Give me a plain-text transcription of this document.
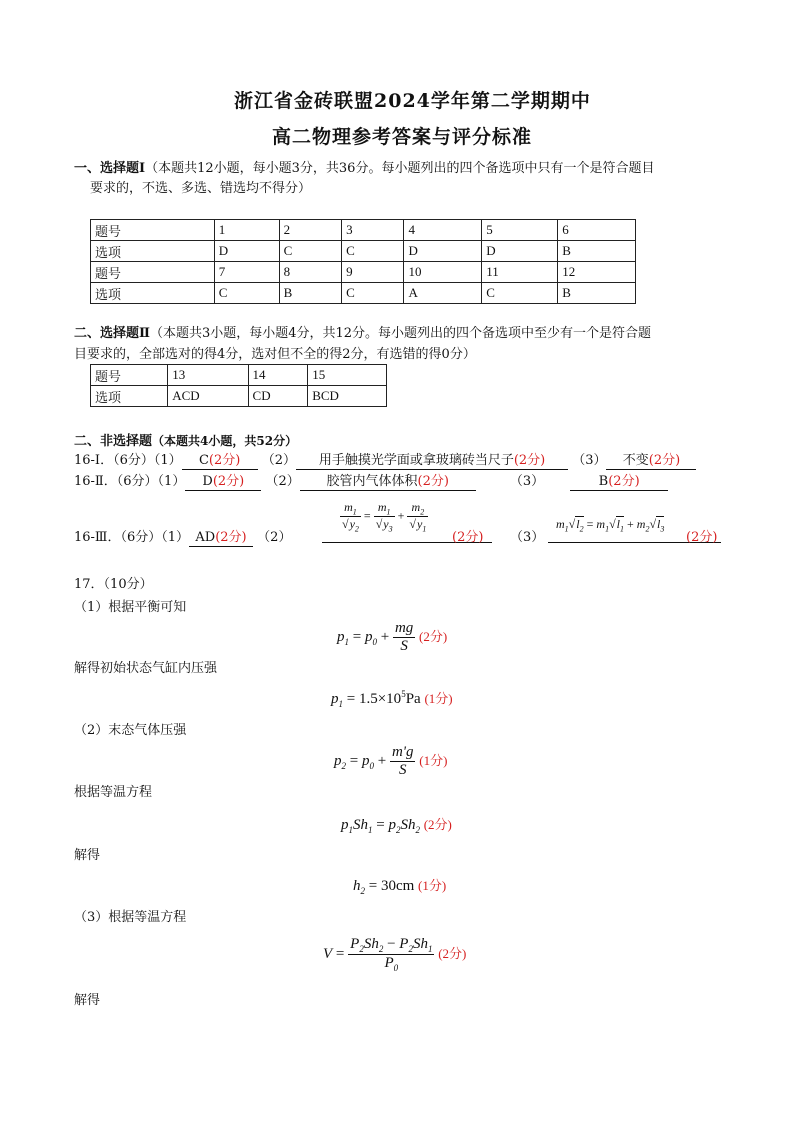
浙江省金砖联盟2024学年第二学期期中
高二物理参考答案与评分标准
一、选择题Ⅰ（本题共12小题，每小题3分，共36分。每小题列出的四个备选项中只有一个是符合题目
要求的，不选、多选、错选均不得分）
题号	1	2	3	4	5	6
选项	D	C	C	D	D	B
题号	7	8	9	10	11	12
选项	C	B	C	A	C	B
二、选择题Ⅱ（本题共3小题，每小题4分，共12分。每小题列出的四个备选项中至少有一个是符合题
目要求的，全部选对的得4分，选对但不全的得2分，有选错的得0分）
题号	13	14	15
选项	ACD	CD	BCD
二、非选择题（本题共4小题，共52分）
16-Ⅰ．（6分）（1） C(2分) （2） 用手触摸光学面或拿玻璃砖当尺子(2分) （3） 不变(2分)
16-Ⅱ．（6分）（1） D(2分) （2） 胶管内气体体积(2分)	（3）	B(2分)
16-Ⅲ．（6分）（1） AD(2分) （2）
$\frac{m_1}{√y_2} = \frac{m_1}{√y_3} + \frac{m_2}{√y_1}$
(2分) （3）
$m_1√l_2 = m_1√l_1 + m_2√l_3$
(2分)
17．（10分）
（1）根据平衡可知
$p_1 = p_0 + \frac{mg}{S} (2$分)
解得初始状态气缸内压强
$p_1 = 1.5\times 10^5Pa$ (1分)
（2）末态气体压强
$p_2 = p_0 + \frac{m'g}{S} (1$分)
根据等温方程
$p_1Sh_1 = p_2Sh_2$ (2分)
解得
$h_2 = 30cm$ (1分)
（3）根据等温方程
$V = \frac{P_2Sh_2 - P_2Sh_1}{P_0} (2$分)
解得
